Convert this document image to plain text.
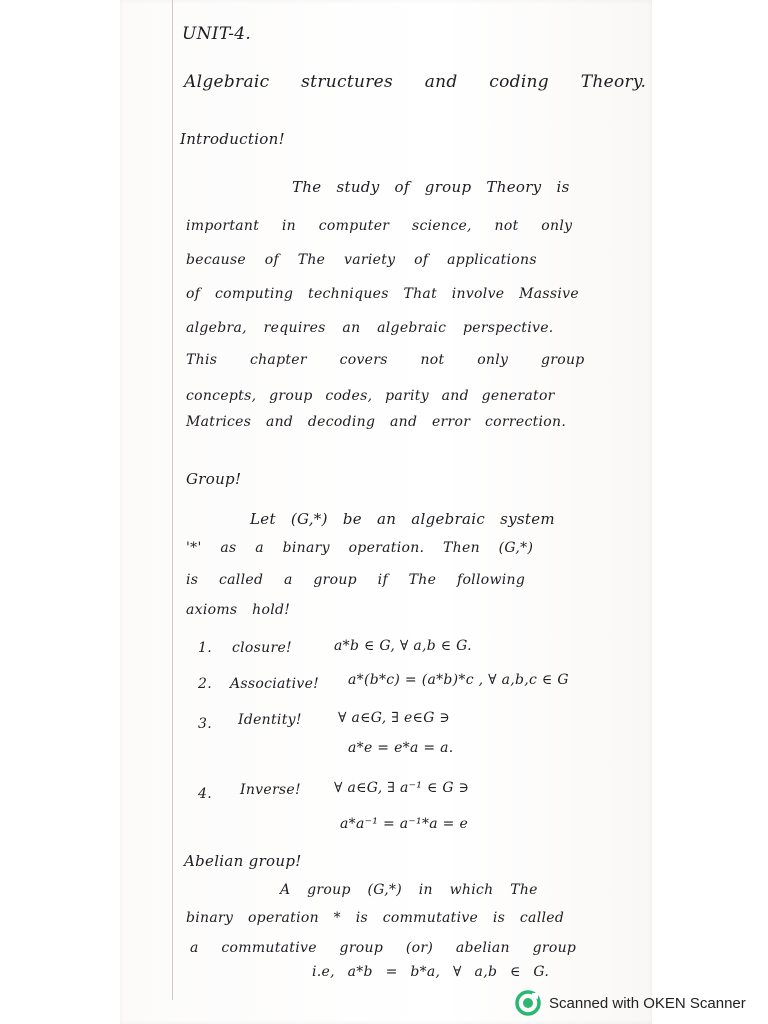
UNIT-4.
Algebraic structures and coding Theory.
Introduction!
The study of group Theory is
important in computer science, not only
because of The variety of applications
of computing techniques That involve Massive
algebra, requires an algebraic perspective.
This chapter covers not only group
concepts, group codes, parity and generator
Matrices and decoding and error correction.
Group!
Let (G,*) be an algebraic system
'*' as a binary operation. Then (G,*)
is called a group if The following
axioms hold!
1. closure!	a*b ∈ G, ∀ a,b ∈ G.
2. Associative! a*(b*c) = (a*b)*c , ∀ a,b,c ∈ G
3. Identity!	∀ a∈G, ∃ e∈G ∋
a*e = e*a = a.
4. Inverse! ∀ a∈G, ∃ a⁻¹ ∈ G ∋
a*a⁻¹ = a⁻¹*a = e
Abelian group!
A group (G,*) in which The
binary operation * is commutative is called
a commutative group (or) abelian group
i.e, a*b = b*a, ∀ a,b ∈ G.
Scanned with OKEN Scanner
